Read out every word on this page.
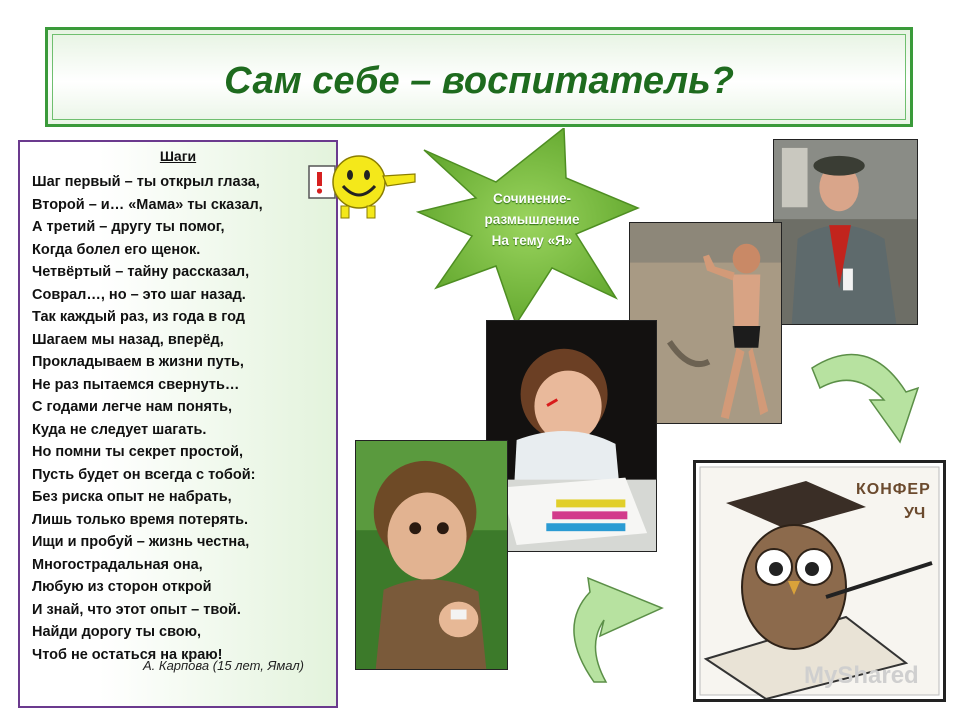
Сам себе – воспитатель?
Шаги
Шаг первый – ты открыл глаза,
Второй – и… «Мама» ты сказал,
А третий – другу ты помог,
Когда болел его щенок.
Четвёртый – тайну рассказал,
Соврал…, но – это шаг назад.
Так каждый раз, из года в год
Шагаем мы назад, вперёд,
Прокладываем в жизни путь,
Не раз пытаемся свернуть…
С годами легче нам понять,
Куда не следует шагать.
Но помни ты секрет простой,
Пусть будет он всегда с тобой:
Без риска опыт не набрать,
Лишь только время потерять.
Ищи и пробуй – жизнь честна,
Многострадальная она,
Любую из сторон открой
И знай, что этот опыт – твой.
Найди дорогу ты свою,
Чтоб не остаться на краю!
А. Карпова (15 лет, Ямал)
Сочинение-
размышление
На тему «Я»
КОНФЕР
УЧ
MyShared
